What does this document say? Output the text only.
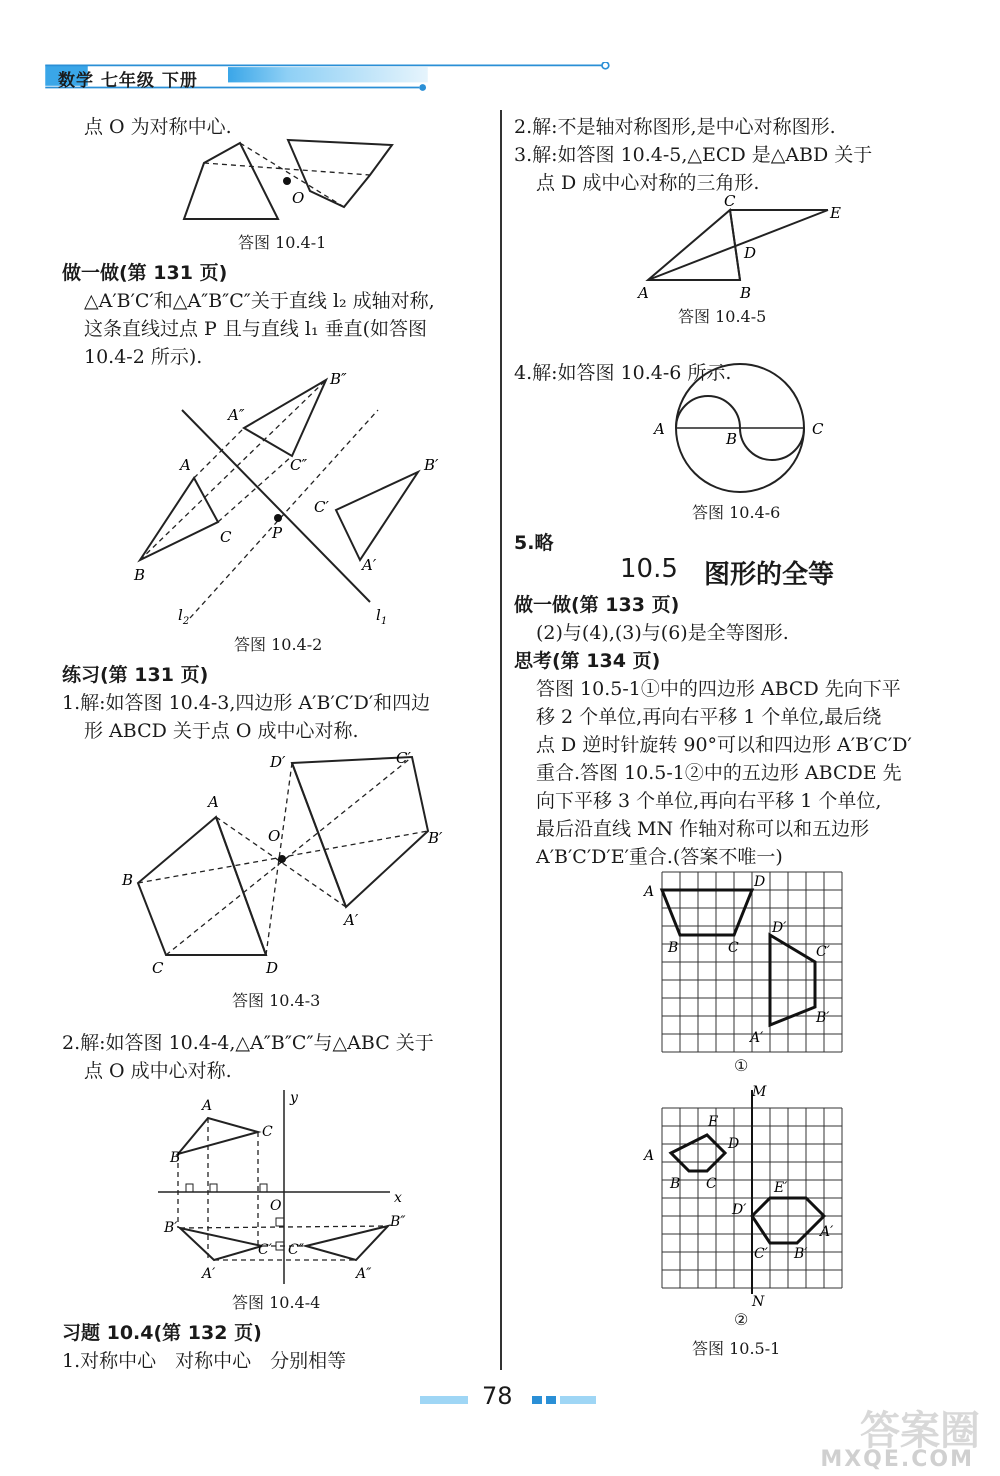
数学 七年级 下册
点 O 为对称中心.
O
答图 10.4-1
做一做(第 131 页)
△A′B′C′和△A″B″C″关于直线 l₂ 成轴对称,
这条直线过点 P 且与直线 l₁ 垂直(如答图
10.4-2 所示).
A
B
C
A″
B″
C″	B′
C′
A′
P
$l_2$	$l_1$
答图 10.4-2
练习(第 131 页)
1.解:如答图 10.4-3,四边形 A′B′C′D′和四边
形 ABCD 关于点 O 成中心对称.
O
A
B
C	D
D′	C′
B′
A′
答图 10.4-3
2.解:如答图 10.4-4,△A″B″C″与△ABC 关于
点 O 成中心对称.
x
y
O
A
B
C
B′
A′
C′ C″
B″
A″
答图 10.4-4
习题 10.4(第 132 页)
1.对称中心　对称中心　分别相等
2.解:不是轴对称图形,是中心对称图形.
3.解:如答图 10.4-5,△ECD 是△ABD 关于
点 D 成中心对称的三角形.
A	B
C
E
D
答图 10.4-5
4.解:如答图 10.4-6 所示.
A
B
C
答图 10.4-6
5.略
10.5 图形的全等
做一做(第 133 页)
(2)与(4),(3)与(6)是全等图形.
思考(第 134 页)
答图 10.5-1①中的四边形 ABCD 先向下平
移 2 个单位,再向右平移 1 个单位,最后绕
点 D 逆时针旋转 90°可以和四边形 A′B′C′D′
重合.答图 10.5-1②中的五边形 ABCDE 先
向下平移 3 个单位,再向右平移 1 个单位,
最后沿直线 MN 作轴对称可以和五边形
A′B′C′D′E′重合.(答案不唯一)
A
D
B	C
D′
C′
B′
A′
①
M
N
A
E
D
B C
D′
E′
A′
C′ B′
②
答图 10.5-1
78
答案圈
MXQE.COM
